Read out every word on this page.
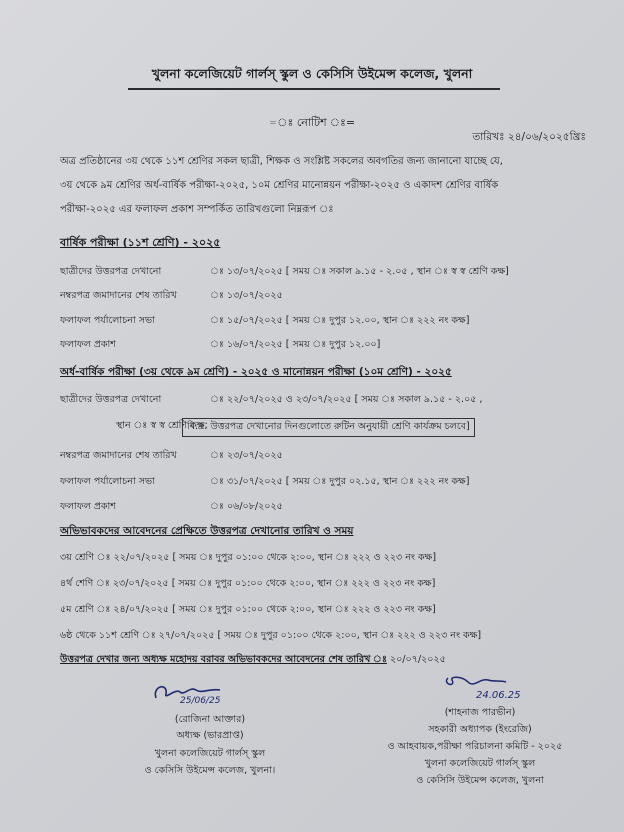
খুলনা কলেজিয়েট গার্লস্ স্কুল ও কেসিসি উইমেন্স কলেজ, খুলনা
=ঃ নোটিশ ঃ=
তারিখঃ ২৪/০৬/২০২৫খ্রিঃ
অত্র প্রতিষ্ঠানের ৩য় থেকে ১১শ শ্রেণির সকল ছাত্রী, শিক্ষক ও সংশ্লিষ্ট সকলের অবগতির জন্য জানানো যাচ্ছে যে,
৩য় থেকে ৯ম শ্রেণির অর্ধ-বার্ষিক পরীক্ষা-২০২৫, ১০ম শ্রেণির মানোন্নয়ন পরীক্ষা-২০২৫ ও একাদশ শ্রেণির বার্ষিক
পরীক্ষা-২০২৫ এর ফলাফল প্রকাশ সম্পর্কিত তারিখগুলো নিম্নরূপ ঃ
বার্ষিক পরীক্ষা (১১শ শ্রেণি) - ২০২৫
ছাত্রীদের উত্তরপত্র দেখানো	ঃ ১৩/০৭/২০২৫ [ সময় ঃ সকাল ৯.১৫ - ২.০৫ , স্থান ঃ স্ব স্ব শ্রেণি কক্ষ]
নম্বরপত্র জমাদানের শেষ তারিখ	ঃ ১৩/০৭/২০২৫
ফলাফল পর্যালোচনা সভা	ঃ ১৫/০৭/২০২৫ [ সময় ঃ দুপুর ১২.০০, স্থান ঃ ২২২ নং কক্ষ]
ফলাফল প্রকাশ	ঃ ১৬/০৭/২০২৫ [ সময় ঃ দুপুর ১২.০০]
অর্ধ-বার্ষিক পরীক্ষা (৩য় থেকে ৯ম শ্রেণি) - ২০২৫ ও মানোন্নয়ন পরীক্ষা (১০ম শ্রেণি) - ২০২৫
ছাত্রীদের উত্তরপত্র দেখানো	ঃ ২২/০৭/২০২৫ ও ২৩/০৭/২০২৫ [ সময় ঃ সকাল ৯.১৫ - ২.০৫ ,
স্থান ঃ স্ব স্ব শ্রেণি কক্ষ;
বি.দ্র. উত্তরপত্র দেখানোর দিনগুলোতে রুটিন অনুযায়ী শ্রেণি কার্যক্রম চলবে]
নম্বরপত্র জমাদানের শেষ তারিখ	ঃ ২৩/০৭/২০২৫
ফলাফল পর্যালোচনা সভা	ঃ ৩১/০৭/২০২৫ [ সময় ঃ দুপুর ০২.১৫, স্থান ঃ ২২২ নং কক্ষ]
ফলাফল প্রকাশ	ঃ ০৬/০৮/২০২৫
অভিভাবকদের আবেদনের প্রেক্ষিতে উত্তরপত্র দেখানোর তারিখ ও সময়
৩য় শ্রেণি ঃ ২২/০৭/২০২৫ [ সময় ঃ দুপুর ০১:০০ থেকে ২:০০, স্থান ঃ ২২২ ও ২২৩ নং কক্ষ]
৪র্থ শেণি ঃ ২৩/০৭/২০২৫ [ সময় ঃ দুপুর ০১:০০ থেকে ২:০০, স্থান ঃ ২২২ ও ২২৩ নং কক্ষ]
৫ম শ্রেণি ঃ ২৪/০৭/২০২৫ [ সময় ঃ দুপুর ০১:০০ থেকে ২:০০, স্থান ঃ ২২২ ও ২২৩ নং কক্ষ]
৬ষ্ঠ থেকে ১১শ শ্রেণি ঃ ২৭/০৭/২০২৫ [ সময় ঃ দুপুর ০১:০০ থেকে ২:০০, স্থান ঃ ২২২ ও ২২৩ নং কক্ষ]
উত্তরপত্র দেখার জন্য অধ্যক্ষ মহোদয় বরাবর অভিভাবকদের আবেদনের শেষ তারিখ ঃ ২০/০৭/২০২৫
25/06/25
(রোজিনা আক্তার)
অধ্যক্ষ (ভারপ্রাপ্ত)
খুলনা কলেজিয়েট গার্লস্ স্কুল
ও কেসিসি উইমেন্স কলেজ, খুলনা।
24.06.25
(শাহনাজ পারভীন)
সহকারী অধ্যাপক (ইংরেজি)
ও আহবায়ক,পরীক্ষা পরিচালনা কমিটি - ২০২৫
খুলনা কলেজিয়েট গার্লস্ স্কুল
ও কেসিসি উইমেন্স কলেজ, খুলনা
